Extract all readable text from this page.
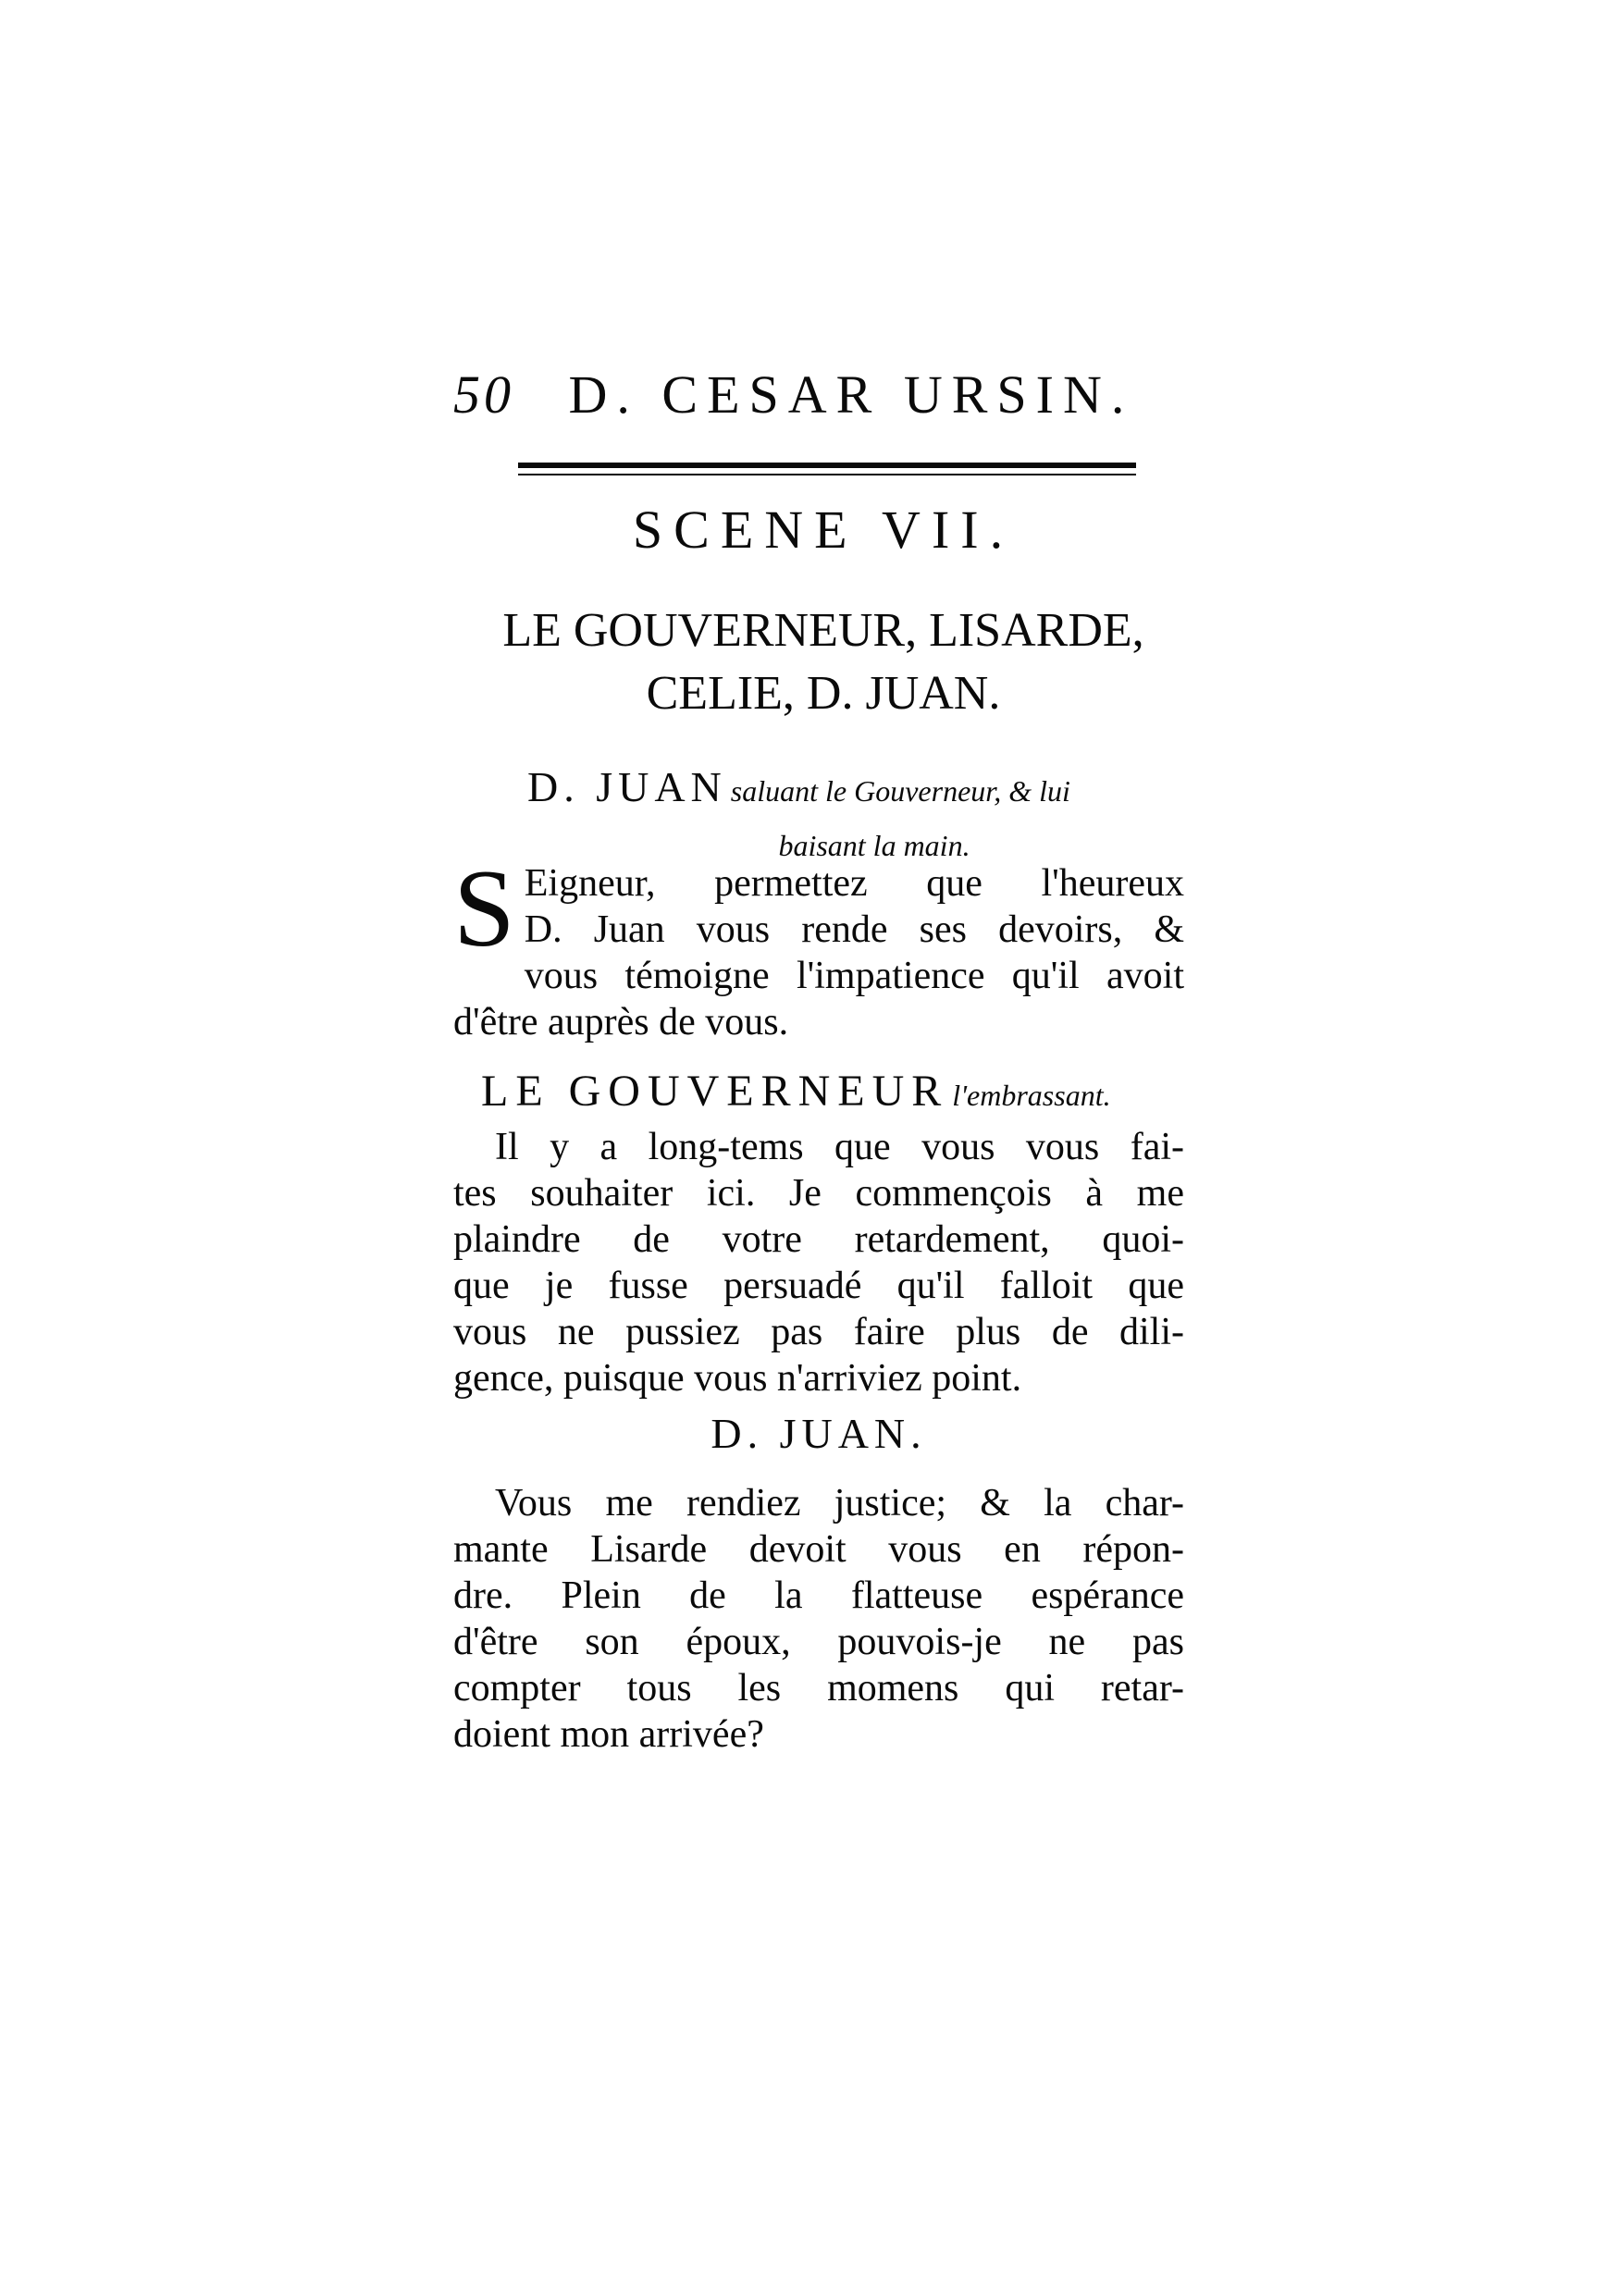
50 D. CESAR URSIN.
SCENE VII.
LE GOUVERNEUR, LISARDE,
CELIE, D. JUAN.
D. JUAN saluant le Gouverneur, & lui
baisant la main.
S Eigneur, permettez que l'heureux
D. Juan vous rende ses devoirs, &
vous témoigne l'impatience qu'il avoit
d'être auprès de vous.
LE GOUVERNEUR l'embrassant.
Il y a long-tems que vous vous fai-
tes souhaiter ici. Je commençois à me
plaindre de votre retardement, quoi-
que je fusse persuadé qu'il falloit que
vous ne pussiez pas faire plus de dili-
gence, puisque vous n'arriviez point.
D. JUAN.
Vous me rendiez justice; & la char-
mante Lisarde devoit vous en répon-
dre. Plein de la flatteuse espérance
d'être son époux, pouvois-je ne pas
compter tous les momens qui retar-
doient mon arrivée?
